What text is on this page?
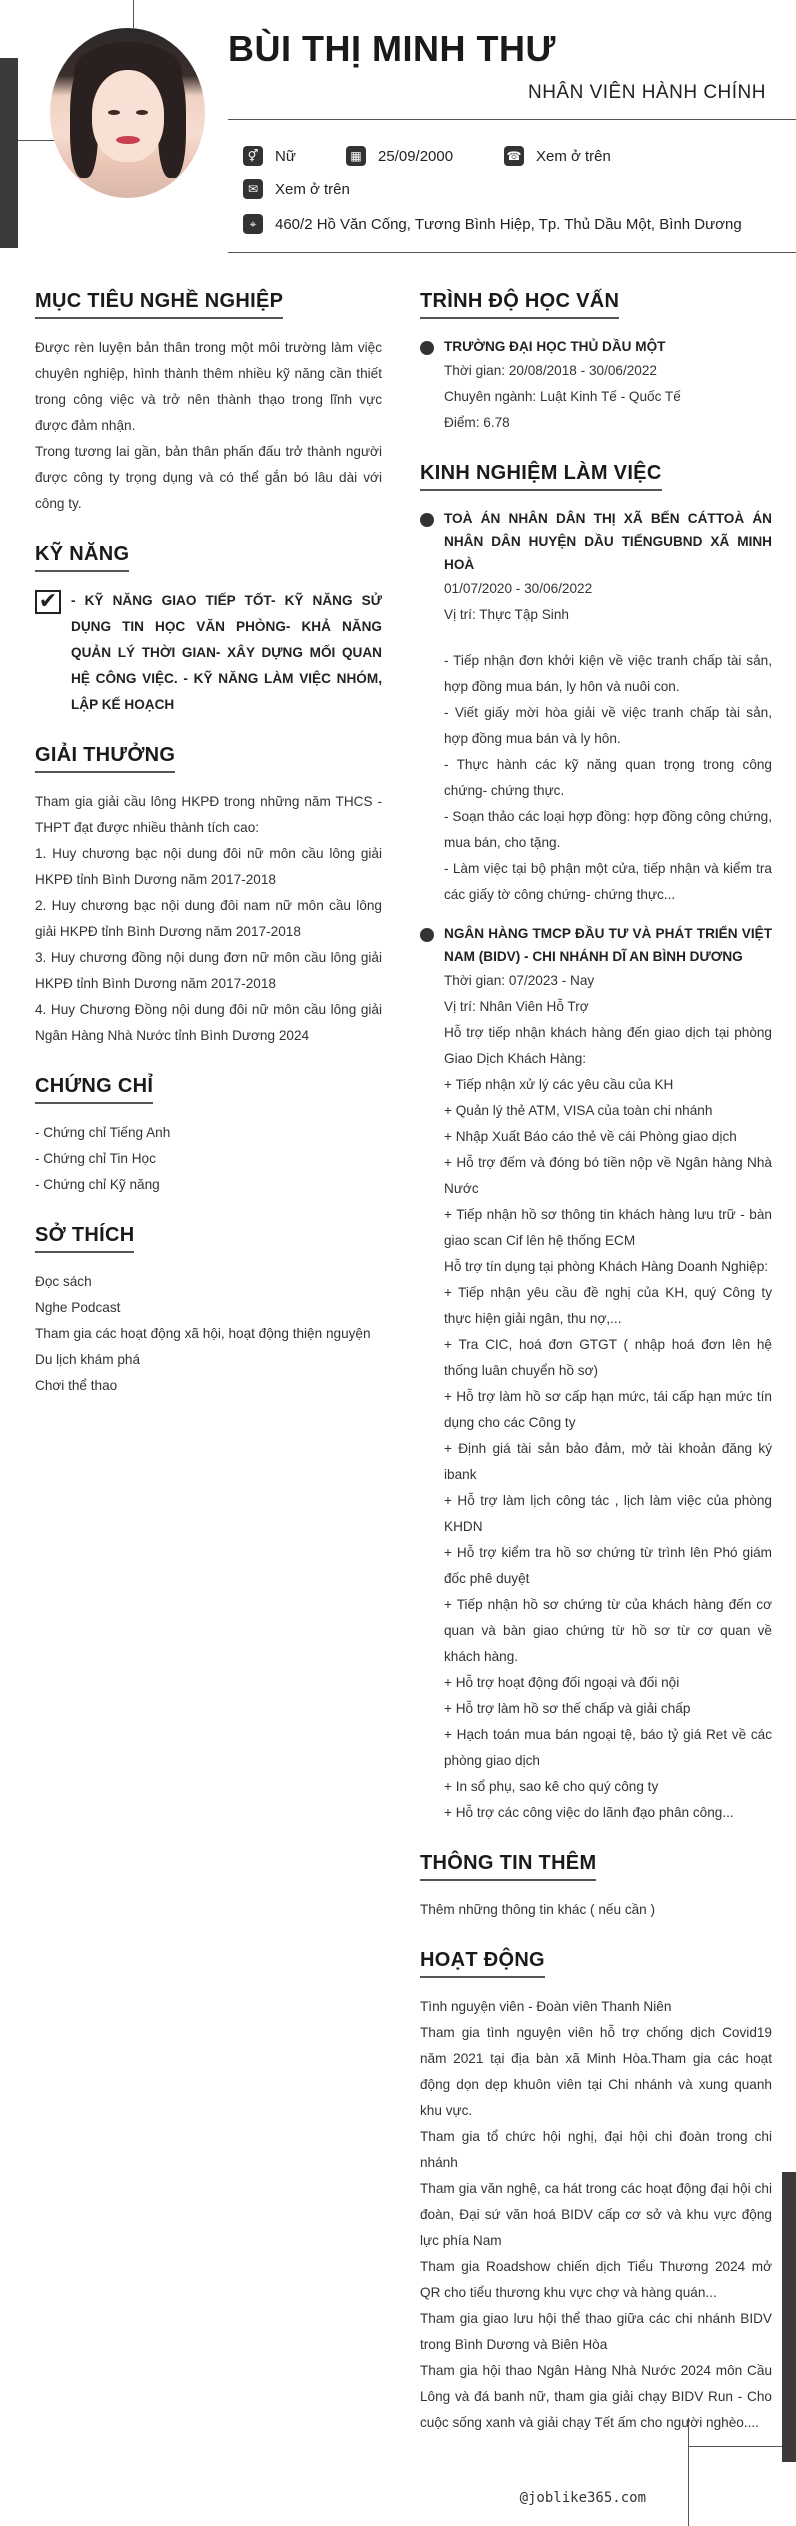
BÙI THỊ MINH THƯ
NHÂN VIÊN HÀNH CHÍNH
⚥	Nữ	▦ 25/09/2000	☎ Xem ở trên
✉	Xem ở trên
⌖	460/2 Hồ Văn Cống, Tương Bình Hiệp, Tp. Thủ Dầu Một, Bình Dương
MỤC TIÊU NGHỀ NGHIỆP
Được rèn luyện bản thân trong một môi trường làm việc chuyên nghiệp, hình thành thêm nhiều kỹ năng cần thiết trong công việc và trở nên thành thạo trong lĩnh vực được đảm nhận.
Trong tương lai gần, bản thân phấn đấu trở thành người được công ty trọng dụng và có thể gắn bó lâu dài với công ty.
KỸ NĂNG
✔ - KỸ NĂNG GIAO TIẾP TỐT- KỸ NĂNG SỬ DỤNG TIN HỌC VĂN PHÒNG- KHẢ NĂNG QUẢN LÝ THỜI GIAN- XÂY DỰNG MỐI QUAN HỆ CÔNG VIỆC. - KỸ NĂNG LÀM VIỆC NHÓM, LẬP KẾ HOẠCH
GIẢI THƯỞNG
Tham gia giải cầu lông HKPĐ trong những năm THCS - THPT đạt được nhiều thành tích cao:
1. Huy chương bạc nội dung đôi nữ môn cầu lông giải HKPĐ tỉnh Bình Dương năm 2017-2018
2. Huy chương bạc nội dung đôi nam nữ môn cầu lông giải HKPĐ tỉnh Bình Dương năm 2017-2018
3. Huy chương đồng nội dung đơn nữ môn cầu lông giải HKPĐ tỉnh Bình Dương năm 2017-2018
4. Huy Chương Đồng nội dung đôi nữ môn cầu lông giải Ngân Hàng Nhà Nước tỉnh Bình Dương 2024
CHỨNG CHỈ
- Chứng chỉ Tiếng Anh
- Chứng chỉ Tin Học
- Chứng chỉ Kỹ năng
SỞ THÍCH
Đọc sách
Nghe Podcast
Tham gia các hoạt động xã hội, hoạt động thiện nguyện
Du lịch khám phá
Chơi thể thao
TRÌNH ĐỘ HỌC VẤN
TRƯỜNG ĐẠI HỌC THỦ DẦU MỘT
Thời gian: 20/08/2018 - 30/06/2022
Chuyên ngành: Luật Kinh Tế - Quốc Tế
Điểm: 6.78
KINH NGHIỆM LÀM VIỆC
TOÀ ÁN NHÂN DÂN THỊ XÃ BẾN CÁTTOÀ ÁN NHÂN DÂN HUYỆN DẦU TIẾNGUBND XÃ MINH HOÀ
01/07/2020 - 30/06/2022
Vị trí: Thực Tập Sinh
- Tiếp nhận đơn khởi kiện về việc tranh chấp tài sản, hợp đồng mua bán, ly hôn và nuôi con.
- Viết giấy mời hòa giải về việc tranh chấp tài sản, hợp đồng mua bán và ly hôn.
- Thực hành các kỹ năng quan trọng trong công chứng- chứng thực.
- Soạn thảo các loại hợp đồng: hợp đồng công chứng, mua bán, cho tặng.
- Làm việc tại bộ phận một cửa, tiếp nhận và kiểm tra các giấy tờ công chứng- chứng thực...
NGÂN HÀNG TMCP ĐẦU TƯ VÀ PHÁT TRIỂN VIỆT NAM (BIDV) - CHI NHÁNH DĨ AN BÌNH DƯƠNG
Thời gian: 07/2023 - Nay
Vị trí: Nhân Viên Hỗ Trợ
Hỗ trợ tiếp nhận khách hàng đến giao dịch tại phòng Giao Dịch Khách Hàng:
+ Tiếp nhận xử lý các yêu cầu của KH
+ Quản lý thẻ ATM, VISA của toàn chi nhánh
+ Nhập Xuất Báo cáo thẻ về cái Phòng giao dịch
+ Hỗ trợ đếm và đóng bó tiền nộp về Ngân hàng Nhà Nước
+ Tiếp nhận hồ sơ thông tin khách hàng lưu trữ - bàn giao scan Cif lên hệ thống ECM
Hỗ trợ tín dụng tại phòng Khách Hàng Doanh Nghiệp:
+ Tiếp nhận yêu cầu đề nghị của KH, quý Công ty thực hiện giải ngân, thu nợ,...
+ Tra CIC, hoá đơn GTGT ( nhập hoá đơn lên hệ thống luân chuyển hồ sơ)
+ Hỗ trợ làm hồ sơ cấp hạn mức, tái cấp hạn mức tín dụng cho các Công ty
+ Định giá tài sản bảo đảm, mở tài khoản đăng ký ibank
+ Hỗ trợ làm lịch công tác , lịch làm việc của phòng KHDN
+ Hỗ trợ kiểm tra hồ sơ chứng từ trình lên Phó giám đốc phê duyệt
+ Tiếp nhận hồ sơ chứng từ của khách hàng đến cơ quan và bàn giao chứng từ hồ sơ từ cơ quan về khách hàng.
+ Hỗ trợ hoạt động đối ngoại và đối nội
+ Hỗ trợ làm hồ sơ thế chấp và giải chấp
+ Hạch toán mua bán ngoại tệ, báo tỷ giá Ret về các phòng giao dịch
+ In sổ phụ, sao kê cho quý công ty
+ Hỗ trợ các công việc do lãnh đạo phân công...
THÔNG TIN THÊM
Thêm những thông tin khác ( nếu cần )
HOẠT ĐỘNG
Tình nguyện viên - Đoàn viên Thanh Niên
Tham gia tình nguyện viên hỗ trợ chống dịch Covid19 năm 2021 tại địa bàn xã Minh Hòa.Tham gia các hoạt động dọn dẹp khuôn viên tại Chi nhánh và xung quanh khu vực.
Tham gia tổ chức hội nghị, đại hội chi đoàn trong chi nhánh
Tham gia văn nghệ, ca hát trong các hoạt động đại hội chi đoàn, Đại sứ văn hoá BIDV cấp cơ sở và khu vực động lực phía Nam
Tham gia Roadshow chiến dịch Tiểu Thương 2024 mở QR cho tiểu thương khu vực chợ và hàng quán...
Tham gia giao lưu hội thể thao giữa các chi nhánh BIDV trong Bình Dương và Biên Hòa
Tham gia hội thao Ngân Hàng Nhà Nước 2024 môn Cầu Lông và đá banh nữ, tham gia giải chạy BIDV Run - Cho cuộc sống xanh và giải chạy Tết ấm cho người nghèo....
@joblike365.com
